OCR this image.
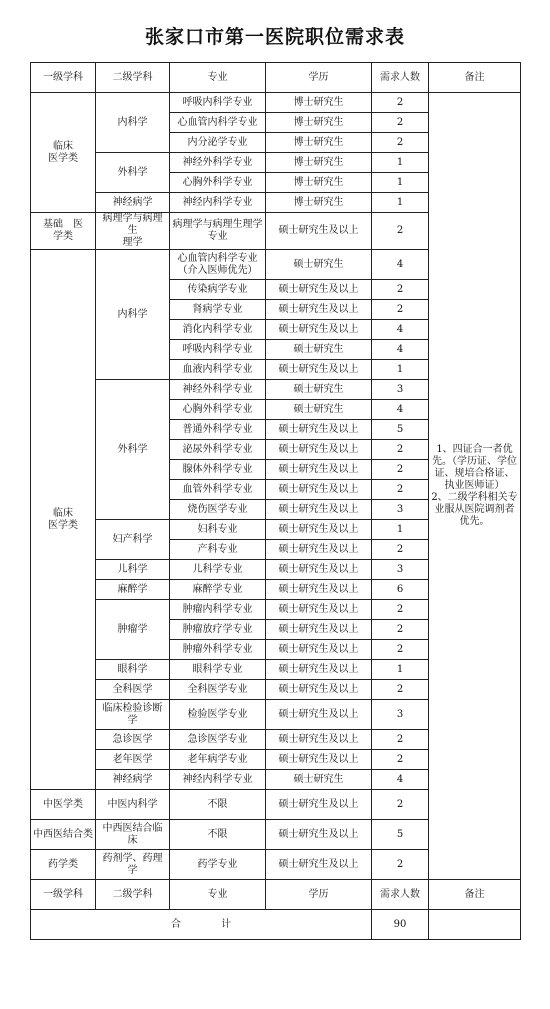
张家口市第一医院职位需求表
一级学科	二级学科	专业	学历	需求人数	备注
临床
医学类	内科学	呼吸内科学专业	博士研究生	2	1、四证合一者优先。（学历证、学位证、规培合格证、执业医师证）
2、二级学科相关专业服从医院调剂者优先。
		心血管内科学专业	博士研究生	2	
		内分泌学专业	博士研究生	2	
	外科学	神经外科学专业	博士研究生	1	
		心胸外科学专业	博士研究生	1	
	神经病学	神经内科学专业	博士研究生	1	
基础　医
学类	病理学与病理生
理学	病理学与病理生理学
专业	硕士研究生及以上	2	
临床
医学类	内科学	心血管内科学专业
（介入医师优先）	硕士研究生	4	
		传染病学专业	硕士研究生及以上	2	
		肾病学专业	硕士研究生及以上	2	
		消化内科学专业	硕士研究生及以上	4	
		呼吸内科学专业	硕士研究生	4	
		血液内科学专业	硕士研究生及以上	1	
	外科学	神经外科学专业	硕士研究生	3	
		心胸外科学专业	硕士研究生	4	
		普通外科学专业	硕士研究生及以上	5	
		泌尿外科学专业	硕士研究生及以上	2	
		腺体外科学专业	硕士研究生及以上	2	
		血管外科学专业	硕士研究生及以上	2	
		烧伤医学专业	硕士研究生及以上	3	
	妇产科学	妇科专业	硕士研究生及以上	1	
		产科专业	硕士研究生及以上	2	
	儿科学	儿科学专业	硕士研究生及以上	3	
	麻醉学	麻醉学专业	硕士研究生及以上	6	
	肿瘤学	肿瘤内科学专业	硕士研究生及以上	2	
		肿瘤放疗学专业	硕士研究生及以上	2	
		肿瘤外科学专业	硕士研究生及以上	2	
	眼科学	眼科学专业	硕士研究生及以上	1	
	全科医学	全科医学专业	硕士研究生及以上	2	
	临床检验诊断学	检验医学专业	硕士研究生及以上	3	
	急诊医学	急诊医学专业	硕士研究生及以上	2	
	老年医学	老年病学专业	硕士研究生及以上	2	
	神经病学	神经内科学专业	硕士研究生	4	
中医学类	中医内科学	不限	硕士研究生及以上	2	
中西医结合类	中西医结合临床	不限	硕士研究生及以上	5	
药学类	药剂学、药理学	药学专业	硕士研究生及以上	2	
一级学科	二级学科	专业	学历	需求人数	备注
合　　　　计				90	
